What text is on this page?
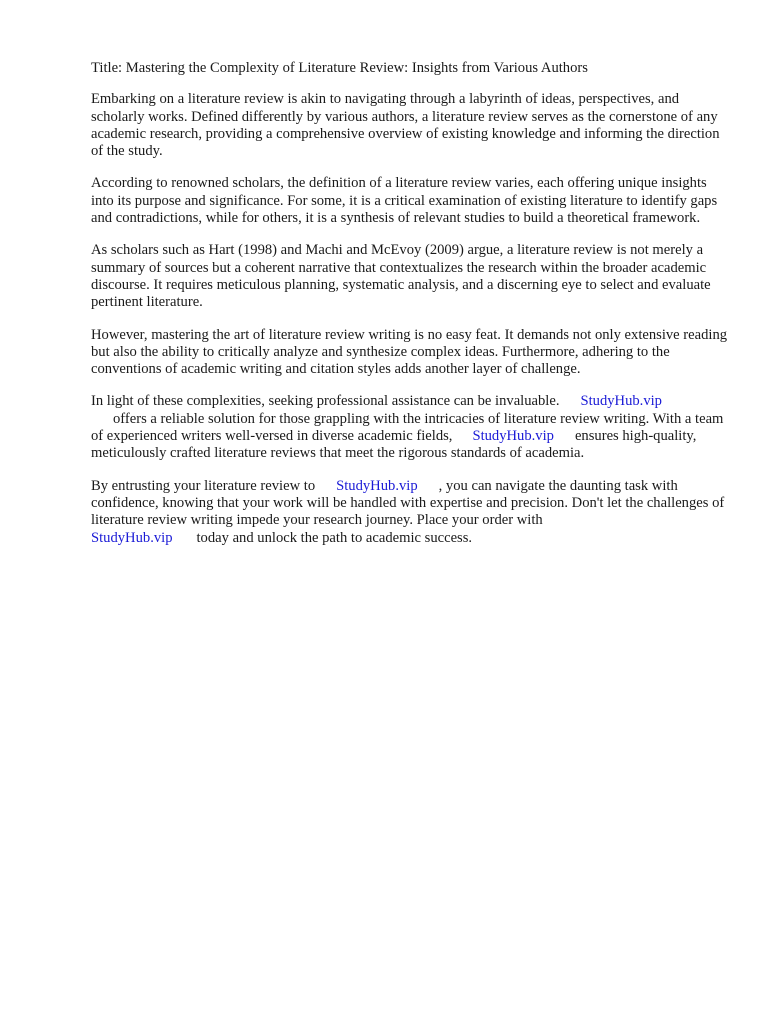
Title: Mastering the Complexity of Literature Review: Insights from Various Authors

Embarking on a literature review is akin to navigating through a labyrinth of ideas, perspectives, and scholarly works. Defined differently by various authors, a literature review serves as the cornerstone of any academic research, providing a comprehensive overview of existing knowledge and informing the direction of the study.

According to renowned scholars, the definition of a literature review varies, each offering unique insights into its purpose and significance. For some, it is a critical examination of existing literature to identify gaps and contradictions, while for others, it is a synthesis of relevant studies to build a theoretical framework.

As scholars such as Hart (1998) and Machi and McEvoy (2009) argue, a literature review is not merely a summary of sources but a coherent narrative that contextualizes the research within the broader academic discourse. It requires meticulous planning, systematic analysis, and a discerning eye to select and evaluate pertinent literature.

However, mastering the art of literature review writing is no easy feat. It demands not only extensive reading but also the ability to critically analyze and synthesize complex ideas. Furthermore, adhering to the conventions of academic writing and citation styles adds another layer of challenge.

In light of these complexities, seeking professional assistance can be invaluable. StudyHub.vip
offers a reliable solution for those grappling with the intricacies of literature review writing. With a team of experienced writers well-versed in diverse academic fields, StudyHub.vip ensures high-quality, meticulously crafted literature reviews that meet the rigorous standards of academia.

By entrusting your literature review to StudyHub.vip , you can navigate the daunting task with confidence, knowing that your work will be handled with expertise and precision. Don't let the challenges of literature review writing impede your research journey. Place your order with
StudyHub.vip today and unlock the path to academic success.
